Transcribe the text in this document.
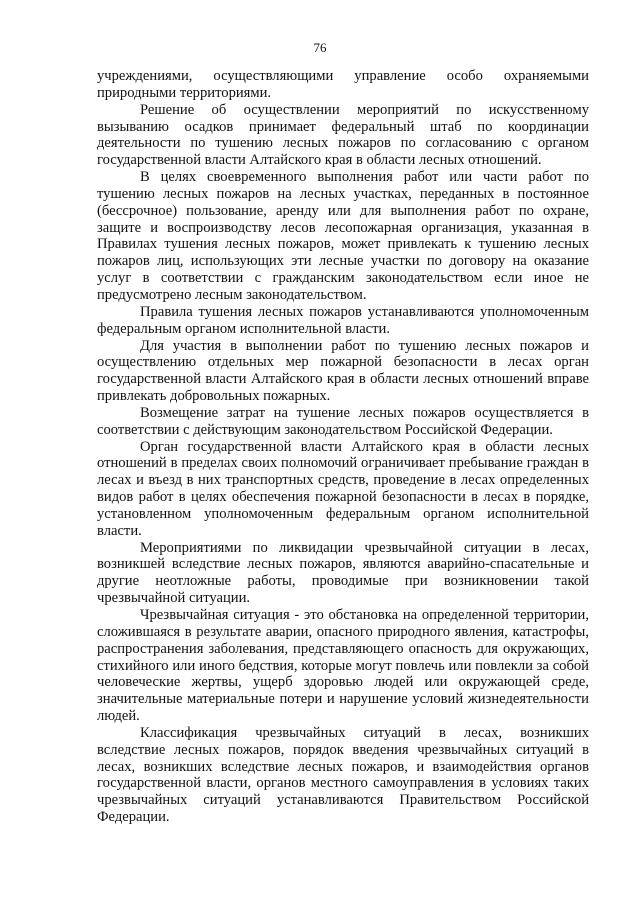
76

учреждениями, осуществляющими управление особо охраняемыми природными территориями.

Решение об осуществлении мероприятий по искусственному вызыванию осадков принимает федеральный штаб по координации деятельности по тушению лесных пожаров по согласованию с органом государственной власти Алтайского края в области лесных отношений.

В целях своевременного выполнения работ или части работ по тушению лесных пожаров на лесных участках, переданных в постоянное (бессрочное) пользование, аренду или для выполнения работ по охране, защите и воспроизводству лесов лесопожарная организация, указанная в Правилах тушения лесных пожаров, может привлекать к тушению лесных пожаров лиц, использующих эти лесные участки по договору на оказание услуг в соответствии с гражданским законодательством если иное не предусмотрено лесным законодательством.

Правила тушения лесных пожаров устанавливаются уполномоченным федеральным органом исполнительной власти.

Для участия в выполнении работ по тушению лесных пожаров и осуществлению отдельных мер пожарной безопасности в лесах орган государственной власти Алтайского края в области лесных отношений вправе привлекать добровольных пожарных.

Возмещение затрат на тушение лесных пожаров осуществляется в соответствии с действующим законодательством Российской Федерации.

Орган государственной власти Алтайского края в области лесных отношений в пределах своих полномочий ограничивает пребывание граждан в лесах и въезд в них транспортных средств, проведение в лесах определенных видов работ в целях обеспечения пожарной безопасности в лесах в порядке, установленном уполномоченным федеральным органом исполнительной власти.

Мероприятиями по ликвидации чрезвычайной ситуации в лесах, возникшей вследствие лесных пожаров, являются аварийно-спасательные и другие неотложные работы, проводимые при возникновении такой чрезвычайной ситуации.

Чрезвычайная ситуация - это обстановка на определенной территории, сложившаяся в результате аварии, опасного природного явления, катастрофы, распространения заболевания, представляющего опасность для окружающих, стихийного или иного бедствия, которые могут повлечь или повлекли за собой человеческие жертвы, ущерб здоровью людей или окружающей среде, значительные материальные потери и нарушение условий жизнедеятельности людей.

Классификация чрезвычайных ситуаций в лесах, возникших вследствие лесных пожаров, порядок введения чрезвычайных ситуаций в лесах, возникших вследствие лесных пожаров, и взаимодействия органов государственной власти, органов местного самоуправления в условиях таких чрезвычайных ситуаций устанавливаются Правительством Российской Федерации.
